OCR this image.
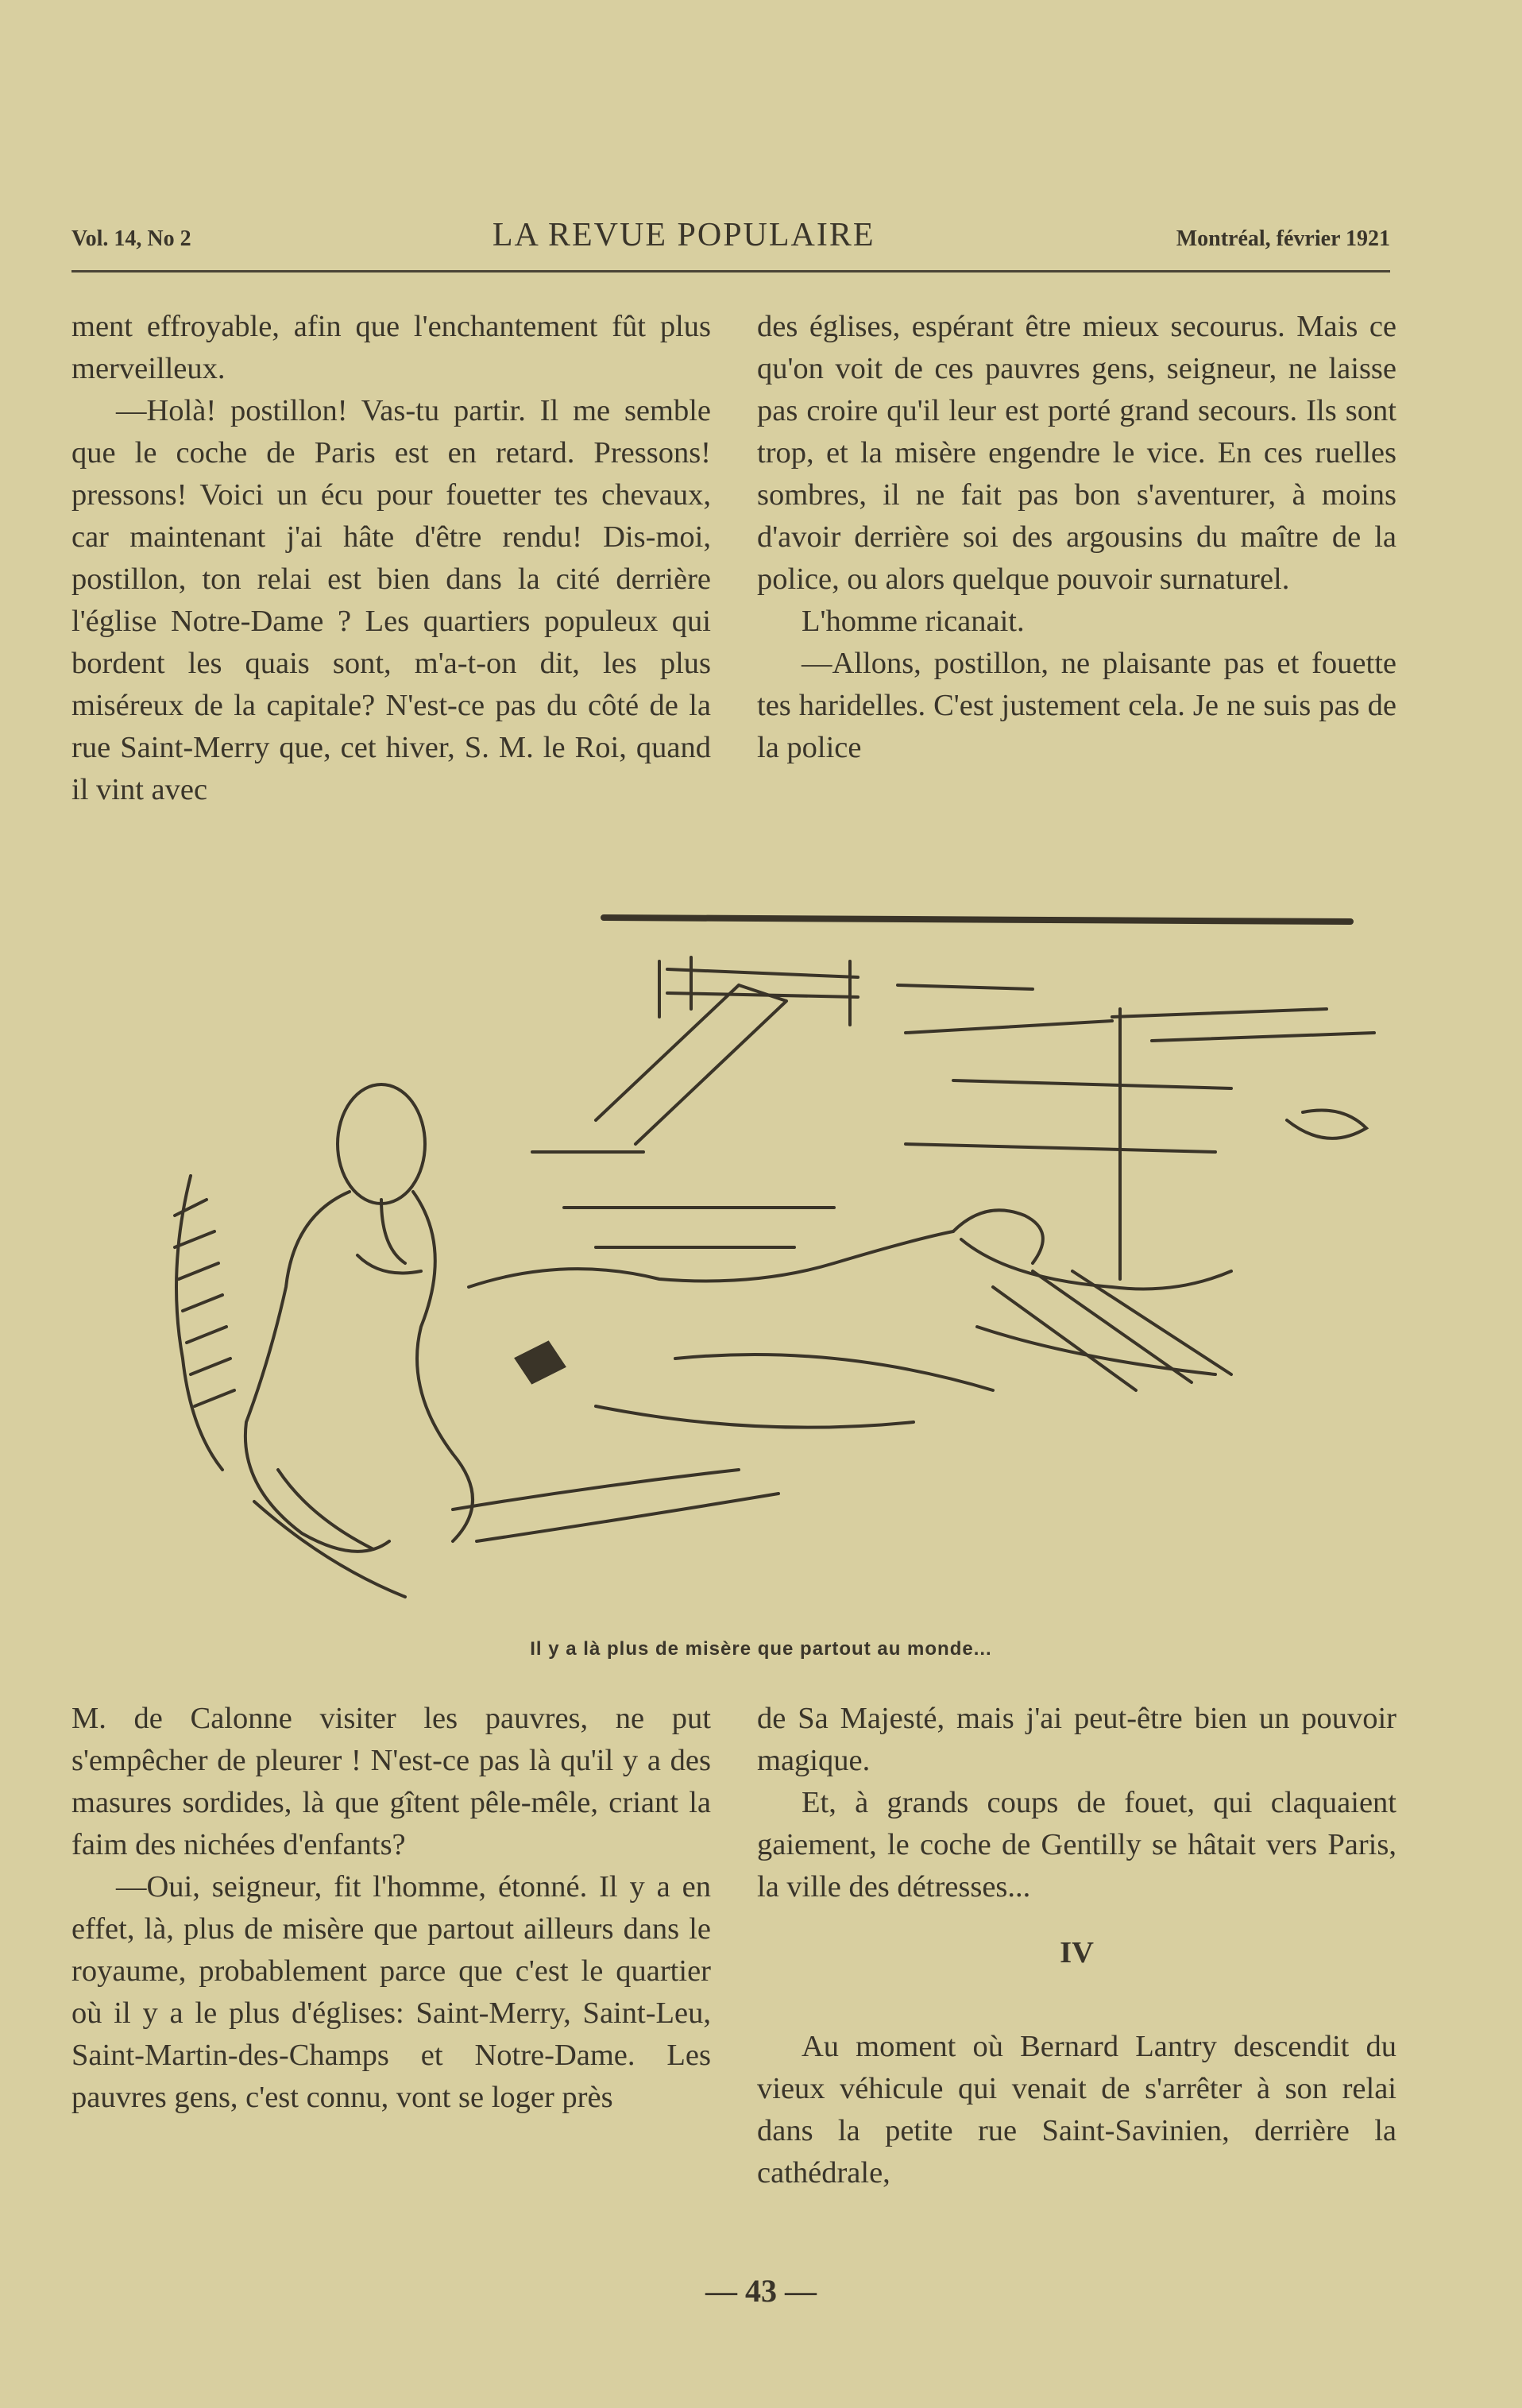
Vol. 14, No 2	LA REVUE POPULAIRE	Montréal, février 1921

ment effroyable, afin que l'enchantement fût plus merveilleux.

—Holà! postillon! Vas-tu partir. Il me semble que le coche de Paris est en retard. Pressons! pressons! Voici un écu pour fouetter tes chevaux, car maintenant j'ai hâte d'être rendu! Dis-moi, postillon, ton relai est bien dans la cité derrière l'église Notre-Dame ? Les quartiers populeux qui bordent les quais sont, m'a-t-on dit, les plus miséreux de la capitale? N'est-ce pas du côté de la rue Saint-Merry que, cet hiver, S. M. le Roi, quand il vint avec

des églises, espérant être mieux secourus. Mais ce qu'on voit de ces pauvres gens, seigneur, ne laisse pas croire qu'il leur est porté grand secours. Ils sont trop, et la misère engendre le vice. En ces ruelles sombres, il ne fait pas bon s'aventurer, à moins d'avoir derrière soi des argousins du maître de la police, ou alors quelque pouvoir surnaturel.

L'homme ricanait.

—Allons, postillon, ne plaisante pas et fouette tes haridelles. C'est justement cela. Je ne suis pas de la police

Il y a là plus de misère que partout au monde...

M. de Calonne visiter les pauvres, ne put s'empêcher de pleurer ! N'est-ce pas là qu'il y a des masures sordides, là que gîtent pêle-mêle, criant la faim des nichées d'enfants?

—Oui, seigneur, fit l'homme, étonné. Il y a en effet, là, plus de misère que partout ailleurs dans le royaume, probablement parce que c'est le quartier où il y a le plus d'églises: Saint-Merry, Saint-Leu, Saint-Martin-des-Champs et Notre-Dame. Les pauvres gens, c'est connu, vont se loger près

de Sa Majesté, mais j'ai peut-être bien un pouvoir magique.

Et, à grands coups de fouet, qui claquaient gaiement, le coche de Gentilly se hâtait vers Paris, la ville des détresses...

IV

Au moment où Bernard Lantry descendit du vieux véhicule qui venait de s'arrêter à son relai dans la petite rue Saint-Savinien, derrière la cathédrale,

— 43 —
